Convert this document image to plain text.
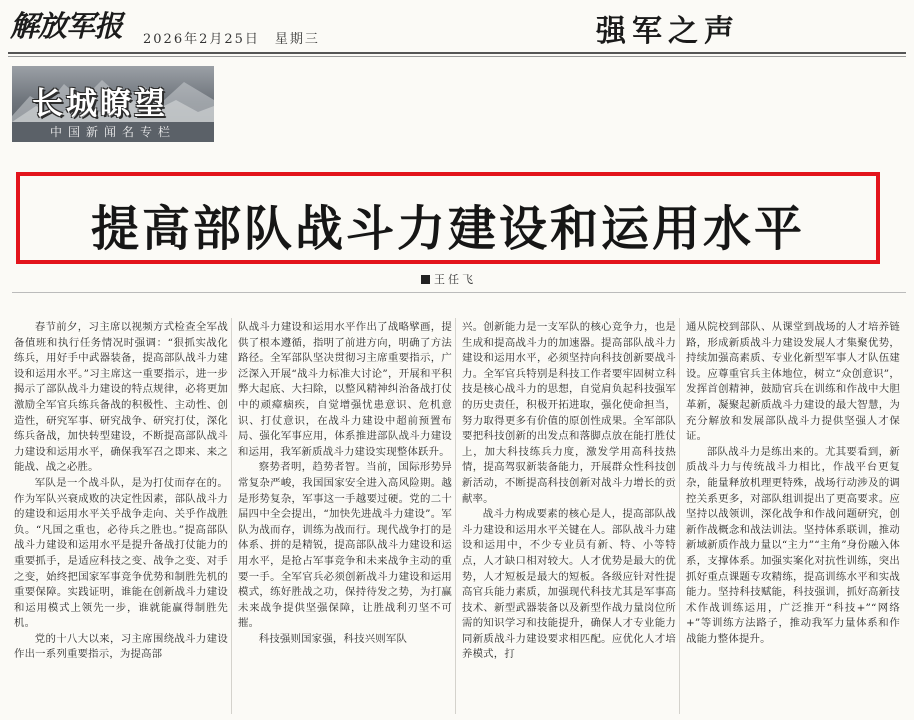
解放军报 2026年2月25日　星期三	强军之声
长城瞭望
中国新闻名专栏
提高部队战斗力建设和运用水平
王任飞

春节前夕，习主席以视频方式检查全军战备值班和执行任务情况时强调：“狠抓实战化练兵，用好手中武器装备，提高部队战斗力建设和运用水平。”习主席这一重要指示，进一步揭示了部队战斗力建设的特点规律，必将更加激励全军官兵练兵备战的积极性、主动性、创造性，研究军事、研究战争、研究打仗，深化练兵备战，加快转型建设，不断提高部队战斗力建设和运用水平，确保我军召之即来、来之能战、战之必胜。

军队是一个战斗队，是为打仗而存在的。作为军队兴衰成败的决定性因素，部队战斗力的建设和运用水平关乎战争走向、关乎作战胜负。“凡国之重也，必待兵之胜也。”提高部队战斗力建设和运用水平是提升备战打仗能力的重要抓手，是适应科技之变、战争之变、对手之变，始终把国家军事竞争优势和制胜先机的重要保障。实践证明，谁能在创新战斗力建设和运用模式上领先一步，谁就能赢得制胜先机。

党的十八大以来，习主席围绕战斗力建设作出一系列重要指示，为提高部

队战斗力建设和运用水平作出了战略擘画，提供了根本遵循，指明了前进方向，明确了方法路径。全军部队坚决贯彻习主席重要指示，广泛深入开展“战斗力标准大讨论”，开展和平积弊大起底、大扫除，以整风精神纠治备战打仗中的顽瘴痼疾，自觉增强忧患意识、危机意识、打仗意识，在战斗力建设中超前预置布局、强化军事应用，体系推进部队战斗力建设和运用，我军新质战斗力建设实现整体跃升。

察势者明，趋势者智。当前，国际形势异常复杂严峻，我国国家安全进入高风险期。越是形势复杂，军事这一手越要过硬。党的二十届四中全会提出，“加快先进战斗力建设”。军队为战而存，训练为战而行。现代战争打的是体系、拼的是精锐，提高部队战斗力建设和运用水平，是抢占军事竞争和未来战争主动的重要一手。全军官兵必须创新战斗力建设和运用模式，练好胜战之功，保持待发之势，为打赢未来战争提供坚强保障，让胜战利刃坚不可摧。

科技强则国家强，科技兴则军队

兴。创新能力是一支军队的核心竞争力，也是生成和提高战斗力的加速器。提高部队战斗力建设和运用水平，必须坚持向科技创新要战斗力。全军官兵特别是科技工作者要牢固树立科技是核心战斗力的思想，自觉肩负起科技强军的历史责任，积极开拓进取，强化使命担当，努力取得更多有价值的原创性成果。全军部队要把科技创新的出发点和落脚点放在能打胜仗上，加大科技练兵力度，激发学用高科技热情，提高驾驭新装备能力，开展群众性科技创新活动，不断提高科技创新对战斗力增长的贡献率。

战斗力构成要素的核心是人，提高部队战斗力建设和运用水平关键在人。部队战斗力建设和运用中，不少专业员有新、特、小等特点，人才缺口相对较大。人才优势是最大的优势，人才短板是最大的短板。各级应针对性提高官兵能力素质，加强现代科技尤其是军事高技术、新型武器装备以及新型作战力量岗位所需的知识学习和技能提升，确保人才专业能力同新质战斗力建设要求相匹配。应优化人才培养模式，打

通从院校到部队、从课堂到战场的人才培养链路，形成新质战斗力建设发展人才集聚优势，持续加强高素质、专业化新型军事人才队伍建设。应尊重官兵主体地位，树立“众创意识”，发挥首创精神，鼓励官兵在训练和作战中大胆革新，凝聚起新质战斗力建设的最大智慧，为充分解放和发展部队战斗力提供坚强人才保证。

部队战斗力是练出来的。尤其要看到，新质战斗力与传统战斗力相比，作战平台更复杂，能量释放机理更特殊，战场行动涉及的调控关系更多，对部队组训提出了更高要求。应坚持以战领训，深化战争和作战问题研究，创新作战概念和战法训法。坚持体系联训，推动新域新质作战力量以“主力”“主角”身份融入体系，支撑体系。加强实案化对抗性训练，突出抓好重点课题专攻精练，提高训练水平和实战能力。坚持科技赋能，科技强训，抓好高新技术作战训练运用，广泛推开“科技+”“网络+”等训练方法路子，推动我军力量体系和作战能力整体提升。
